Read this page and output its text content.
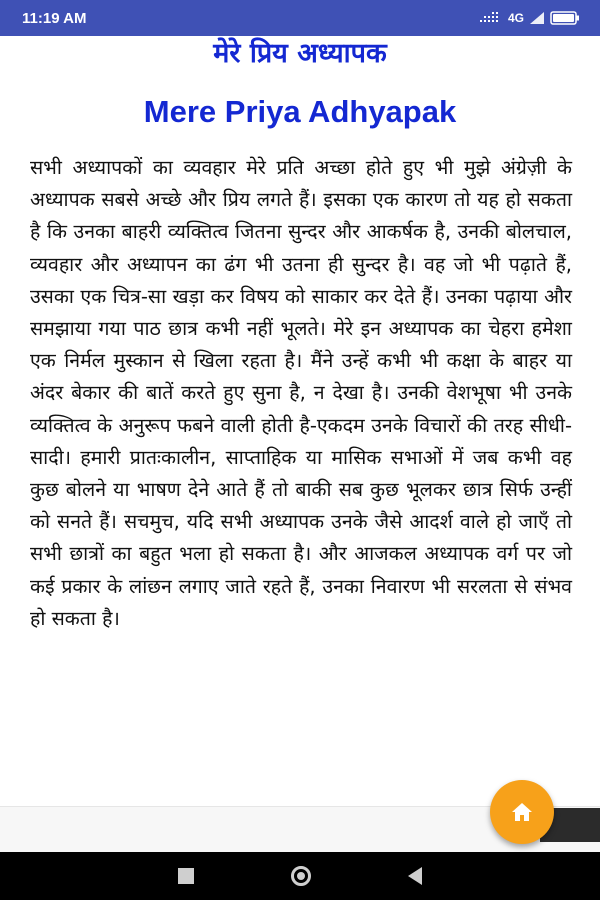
11:19 AM	4G
मेरे प्रिय अध्यापक
Mere Priya Adhyapak

सभी अध्यापकों का व्यवहार मेरे प्रति अच्छा होते हुए भी मुझे अंग्रेज़ी के अध्यापक सबसे अच्छे और प्रिय लगते हैं। इसका एक कारण तो यह हो सकता है कि उनका बाहरी व्यक्तित्व जितना सुन्दर और आकर्षक है, उनकी बोलचाल, व्यवहार और अध्यापन का ढंग भी उतना ही सुन्दर है। वह जो भी पढ़ाते हैं, उसका एक चित्र-सा खड़ा कर विषय को साकार कर देते हैं। उनका पढ़ाया और समझाया गया पाठ छात्र कभी नहीं भूलते। मेरे इन अध्यापक का चेहरा हमेशा एक निर्मल मुस्कान से खिला रहता है। मैंने उन्हें कभी भी कक्षा के बाहर या अंदर बेकार की बातें करते हुए सुना है, न देखा है। उनकी वेशभूषा भी उनके व्यक्तित्व के अनुरूप फबने वाली होती है-एकदम उनके विचारों की तरह सीधी-सादी। हमारी प्रातःकालीन, साप्ताहिक या मासिक सभाओं में जब कभी वह कुछ बोलने या भाषण देने आते हैं तो बाकी सब कुछ भूलकर छात्र सिर्फ उन्हीं को सनते हैं। सचमुच, यदि सभी अध्यापक उनके जैसे आदर्श वाले हो जाएँ तो सभी छात्रों का बहुत भला हो सकता है। और आजकल अध्यापक वर्ग पर जो कई प्रकार के लांछन लगाए जाते रहते हैं, उनका निवारण भी सरलता से संभव हो सकता है।
